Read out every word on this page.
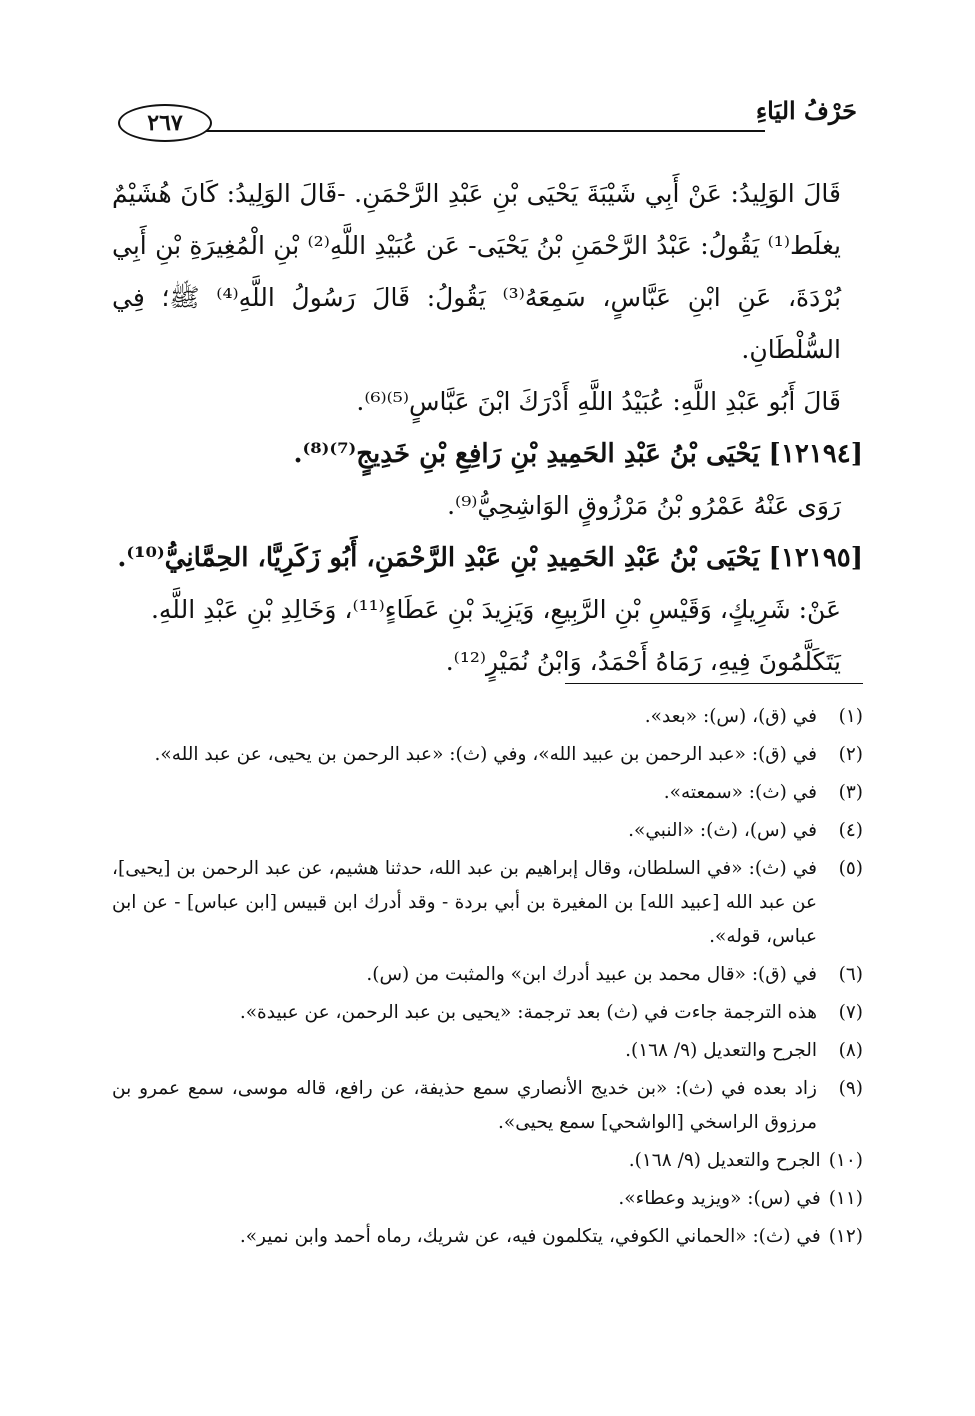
٢٦٧	حَرْفُ اليَاءِ

قَالَ الوَلِيدُ: عَنْ أَبِي شَيْبَةَ يَحْيَى بْنِ عَبْدِ الرَّحْمَنِ. -قَالَ الوَلِيدُ: كَانَ هُشَيْمٌ يغلَط⁽¹⁾ يَقُولُ: عَبْدُ الرَّحْمَنِ بْنُ يَحْيَى- عَن عُبَيْدِ اللَّهِ⁽²⁾ بْنِ الْمُغِيرَةِ بْنِ أَبِي بُرْدَةَ، عَنِ ابْنِ عَبَّاسٍ، سَمِعَهُ⁽³⁾ يَقُولُ: قَالَ رَسُولُ اللَّهِ⁽⁴⁾ ﷺ؛ فِي السُّلْطَانِ.

قَالَ أَبُو عَبْدِ اللَّهِ: عُبَيْدُ اللَّهِ أَدْرَكَ ابْنَ عَبَّاسٍ⁽⁵⁾⁽⁶⁾.

[١٢١٩٤] يَحْيَى بْنُ عَبْدِ الحَمِيدِ بْنِ رَافِعِ بْنِ خَدِيجٍ⁽⁷⁾⁽⁸⁾.

رَوَى عَنْهُ عَمْرُو بْنُ مَرْزُوقٍ الوَاشِحِيُّ⁽⁹⁾.

[١٢١٩٥] يَحْيَى بْنُ عَبْدِ الحَمِيدِ بْنِ عَبْدِ الرَّحْمَنِ، أَبُو زَكَرِيَّا، الحِمَّانِيُّ⁽¹⁰⁾.

عَنْ: شَرِيكٍ، وَقَيْسِ بْنِ الرَّبِيعِ، وَيَزِيدَ بْنِ عَطَاءٍ⁽¹¹⁾، وَخَالِدِ بْنِ عَبْدِ اللَّهِ.

يَتَكَلَّمُونَ فِيهِ، رَمَاهُ أَحْمَدُ، وَابْنُ نُمَيْرٍ⁽¹²⁾.

(١)
في (ق)، (س): «بعد».
(٢)
في (ق): «عبد الرحمن بن عبيد الله»، وفي (ث): «عبد الرحمن بن يحيى، عن عبد الله».
(٣)
في (ث): «سمعته».
(٤)
في (س)، (ث): «النبي».
(٥)
في (ث): «في السلطان، وقال إبراهيم بن عبد الله، حدثنا هشيم، عن عبد الرحمن بن [يحيى]، عن عبد الله [عبيد الله] بن المغيرة بن أبي بردة - وقد أدرك ابن قبيس [ابن عباس] - عن ابن عباس، قوله».
(٦)
في (ق): «قال محمد بن عبيد أدرك ابن» والمثبت من (س).
(٧)
هذه الترجمة جاءت في (ث) بعد ترجمة: «يحيى بن عبد الرحمن، عن عبيدة».
(٨)
الجرح والتعديل (٩/ ١٦٨).
(٩)
زاد بعده في (ث): «بن خديج الأنصاري سمع حذيفة، عن رافع، قاله موسى، سمع عمرو بن مرزوق الراسخي [الواشحي] سمع يحيى».
(١٠)
الجرح والتعديل (٩/ ١٦٨).
(١١)
في (س): «ويزيد وعطاء».
(١٢)
في (ث): «الحماني الكوفي، يتكلمون فيه، عن شريك، رماه أحمد وابن نمير».
